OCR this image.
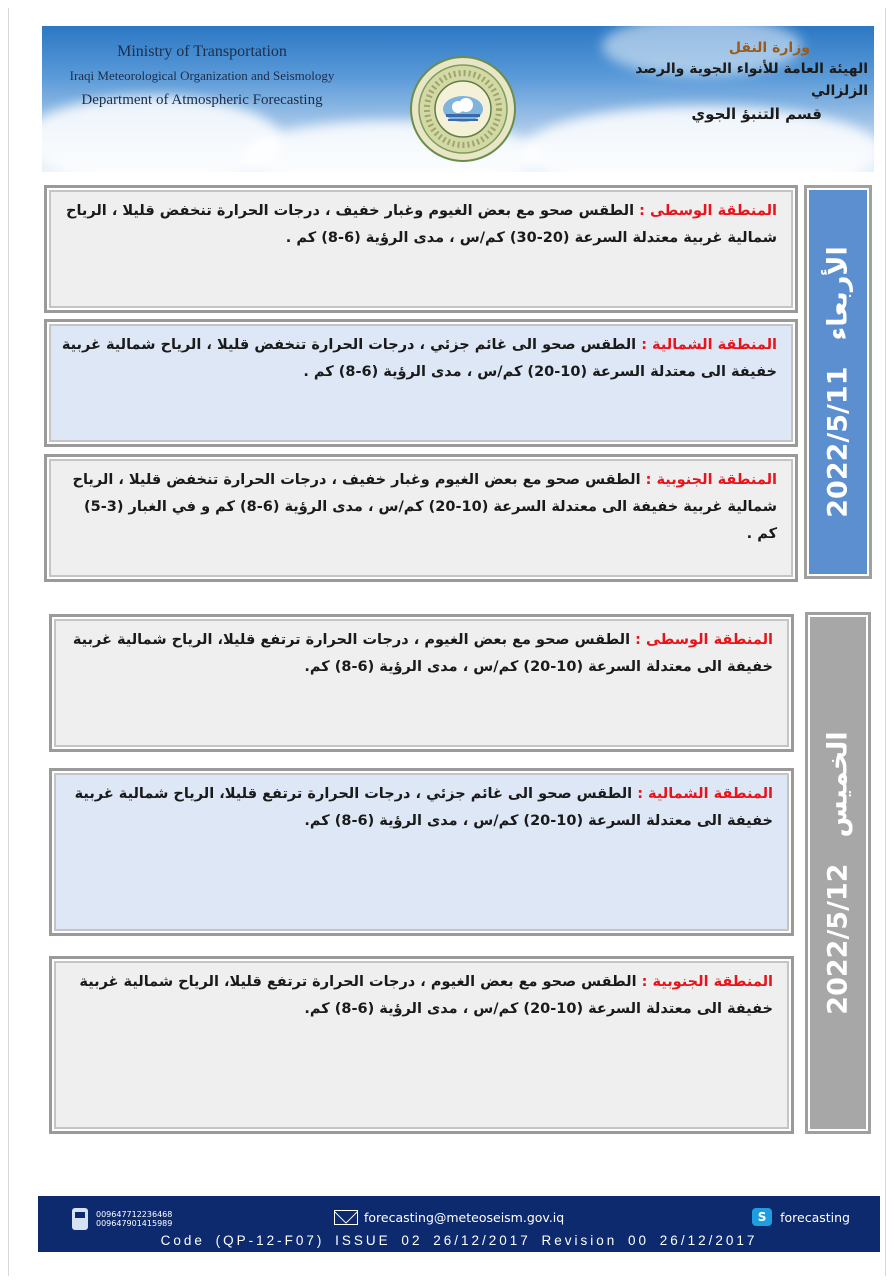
Ministry of Transportation
Iraqi Meteorological Organization and Seismology
Department of Atmospheric Forecasting
وزارة النقل
الهيئة العامة للأنواء الجوية والرصد الزلزالي
قسم التنبؤ الجوي

المنطقة الوسطى : الطقس صحو مع بعض الغيوم وغبار خفيف ، درجات الحرارة تنخفض قليلا ، الرياح شمالية غربية معتدلة السرعة (20-30) كم/س ، مدى الرؤية (6-8) كم .

المنطقة الشمالية : الطقس صحو الى غائم جزئي ، درجات الحرارة تنخفض قليلا ، الرياح شمالية غربية خفيفة الى معتدلة السرعة (10-20) كم/س ، مدى الرؤية (6-8) كم .

المنطقة الجنوبية : الطقس صحو مع بعض الغيوم وغبار خفيف ، درجات الحرارة تنخفض قليلا ، الرياح شمالية غربية خفيفة الى معتدلة السرعة (10-20) كم/س ، مدى الرؤية (6-8) كم و في الغبار (3-5) كم .

2022/5/11
الأربعاء

المنطقة الوسطى : الطقس صحو مع بعض الغيوم ، درجات الحرارة ترتفع قليلا، الرياح شمالية غربية خفيفة الى معتدلة السرعة (10-20) كم/س ، مدى الرؤية (6-8) كم.

المنطقة الشمالية : الطقس صحو الى غائم جزئي ، درجات الحرارة ترتفع قليلا، الرياح شمالية غربية خفيفة الى معتدلة السرعة (10-20) كم/س ، مدى الرؤية (6-8) كم.

المنطقة الجنوبية : الطقس صحو مع بعض الغيوم ، درجات الحرارة ترتفع قليلا، الرياح شمالية غربية خفيفة الى معتدلة السرعة (10-20) كم/س ، مدى الرؤية (6-8) كم. 2022/5/12
الخميس
009647712236468
009647901415989	forecasting@meteoseism.gov.iq	S	forecasting
Code (QP-12-F07) ISSUE 02 26/12/2017 Revision 00 26/12/2017
